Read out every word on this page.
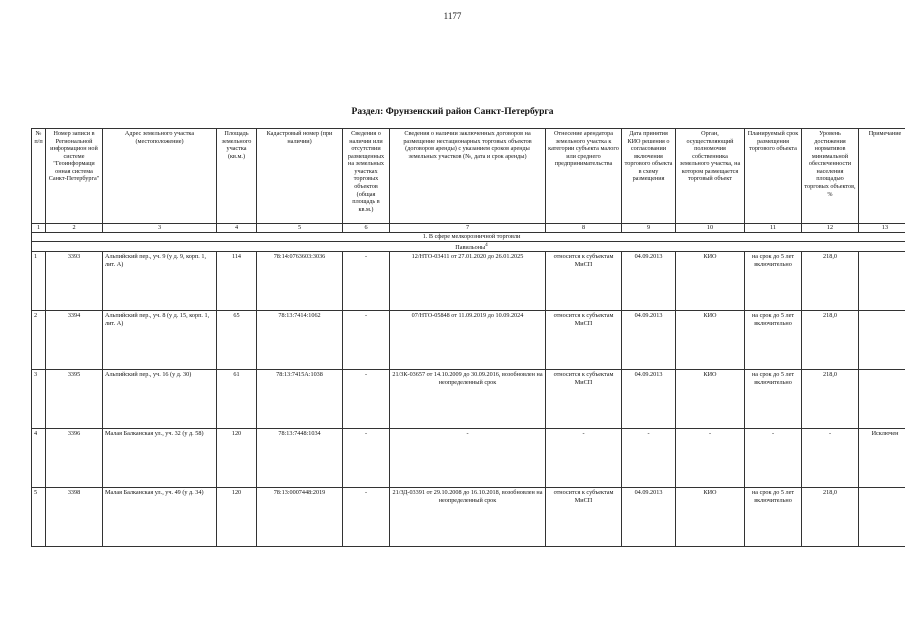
1177
Раздел: Фрунзенский район Санкт-Петербурга
№ п/п	Номер записи в Региональной информацион ной системе "Геоинформаци онная система Санкт-Петербурга"	Адрес земельного участка (местоположение)	Площадь земельного участка (кв.м.)	Кадастровый номер (при наличии)	Сведения о наличии или отсутствии размещенных на земельных участках торговых объектов (общая площадь в кв.м.)	Сведения о наличии заключенных договоров на размещение нестационарных торговых объектов (договоров аренды) с указанием сроков аренды земельных участков (№, дата и срок аренды)	Отнесение арендатора земельного участка к категории субъекта малого или среднего предпринимательства	Дата принятия КИО решения о согласовании включения торгового объекта в схему размещения	Орган, осуществляющий полномочия собственника земельного участка, на котором размещается торговый объект	Планируемый срок размещения торгового объекта	Уровень достижения нормативов минимальной обеспеченности населения площадью торговых объектов, %	Примечание
1	2	3	4	5	6	7	8	9	10	11	12	13
1. В сфере мелкорозничной торговли												
Павильоны$^4$
1	3393	Альпийский пер., уч. 9 (у д. 9, корп. 1, лит. А)	114	78:14:0763603:3036	-	12/НТО-03411 от 27.01.2020 до 26.01.2025	относится к субъектам МиСП	04.09.2013	КИО	на срок до 5 лет включительно	218,0	
2	3394	Альпийский пер., уч. 8 (у д. 15, корп. 1, лит. А)	65	78:13:7414:1062	-	07/НТО-05848 от 11.09.2019 до 10.09.2024	относится к субъектам МиСП	04.09.2013	КИО	на срок до 5 лет включительно	218,0	
3	3395	Альпийский пер., уч. 16 (у д. 30)	61	78:13:7415А:1038	-	21/ЗК-03657 от 14.10.2009 до 30.09.2016, возобновлен на неопределенный срок	относится к субъектам МиСП	04.09.2013	КИО	на срок до 5 лет включительно	218,0	
4	3396	Малая Балканская ул., уч. 32 (у д. 58)	120	78:13:7448:1034	-	-	-	-	-	-	-	Исключен
5	3398	Малая Балканская ул., уч. 49 (у д. 34)	120	78:13:0007448:2019	-	21/ЗД-03391 от 29.10.2008 до 16.10.2018, возобновлен на неопределенный срок	относится к субъектам МиСП	04.09.2013	КИО	на срок до 5 лет включительно	218,0	
